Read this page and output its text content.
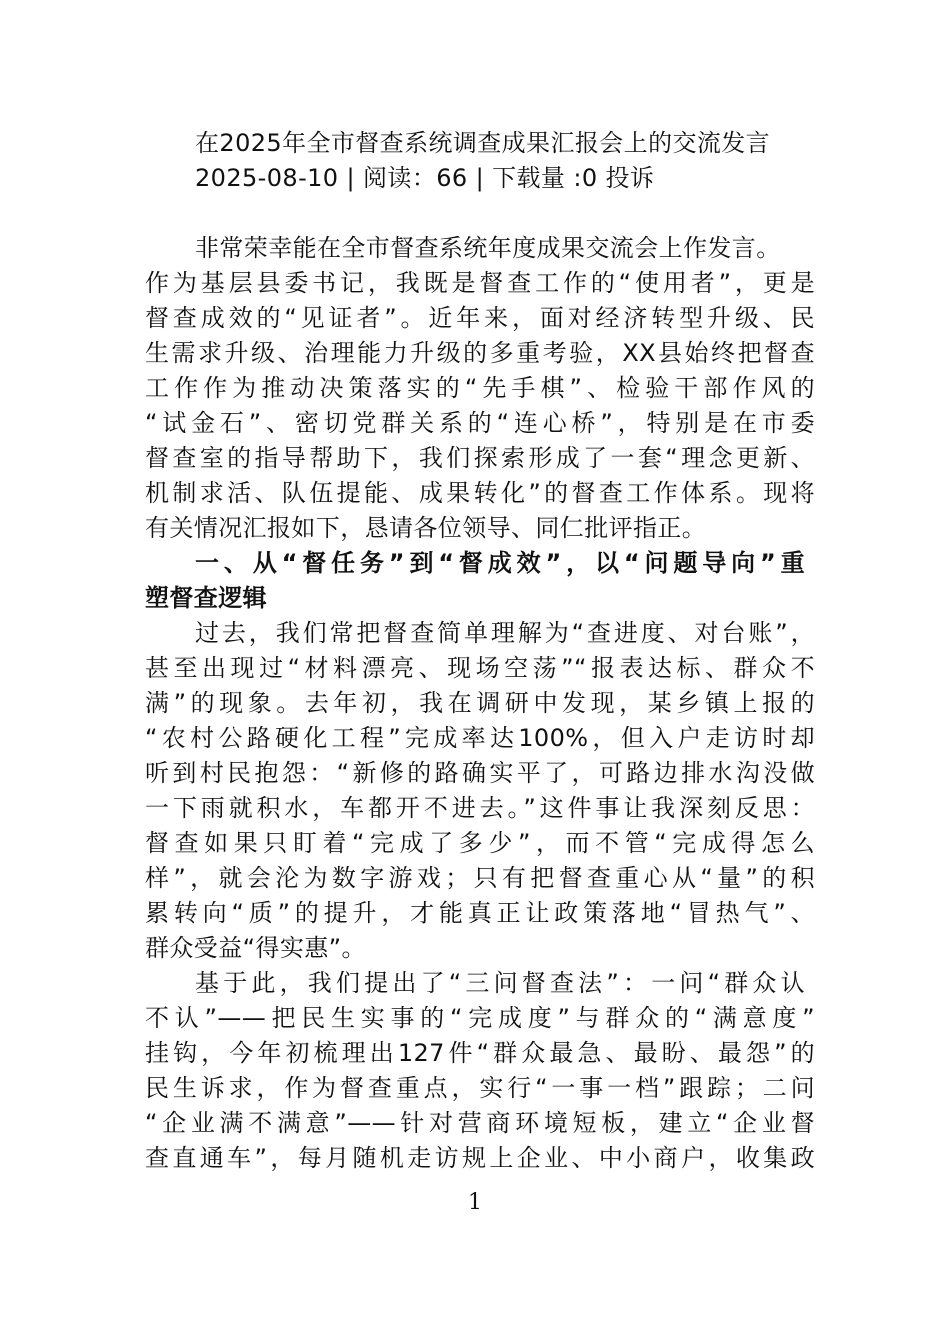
在2025年全市督查系统调查成果汇报会上的交流发言
2025-08-10 | 阅读：66 | 下载量 :0 投诉
非常荣幸能在全市督查系统年度成果交流会上作发言。
作为基层县委书记，我既是督查工作的“使用者”，更是
督查成效的“见证者”。近年来，面对经济转型升级、民
生需求升级、治理能力升级的多重考验，XX县始终把督查
工作作为推动决策落实的“先手棋”、检验干部作风的
“试金石”、密切党群关系的“连心桥”，特别是在市委
督查室的指导帮助下，我们探索形成了一套“理念更新、
机制求活、队伍提能、成果转化”的督查工作体系。现将
有关情况汇报如下，恳请各位领导、同仁批评指正。
一、从“督任务”到“督成效”，以“问题导向”重
塑督查逻辑
过去，我们常把督查简单理解为“查进度、对台账”，
甚至出现过“材料漂亮、现场空荡”“报表达标、群众不
满”的现象。去年初，我在调研中发现，某乡镇上报的
“农村公路硬化工程”完成率达100%，但入户走访时却
听到村民抱怨：“新修的路确实平了，可路边排水沟没做
一下雨就积水，车都开不进去。”这件事让我深刻反思：
督查如果只盯着“完成了多少”，而不管“完成得怎么
样”，就会沦为数字游戏；只有把督查重心从“量”的积
累转向“质”的提升，才能真正让政策落地“冒热气”、
群众受益“得实惠”。
基于此，我们提出了“三问督查法”：一问“群众认
不认”——把民生实事的“完成度”与群众的“满意度”
挂钩，今年初梳理出127件“群众最急、最盼、最怨”的
民生诉求，作为督查重点，实行“一事一档”跟踪；二问
“企业满不满意”——针对营商环境短板，建立“企业督
查直通车”，每月随机走访规上企业、中小商户，收集政
1
